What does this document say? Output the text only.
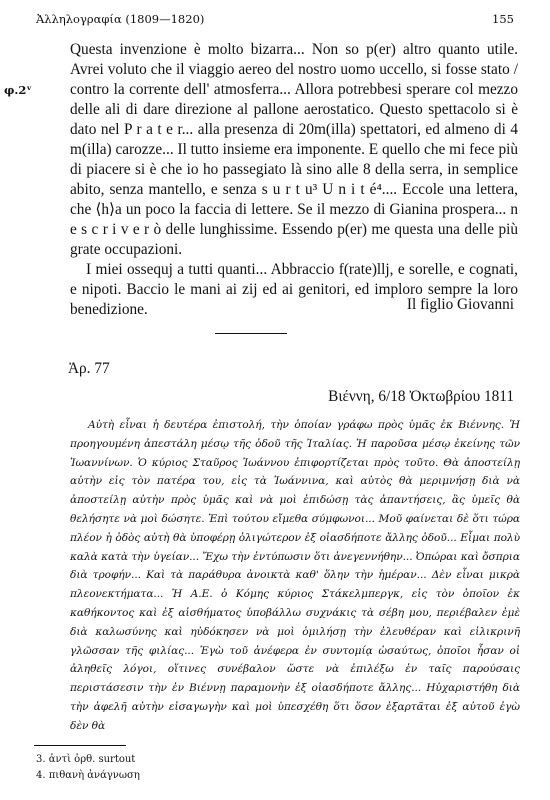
Ἀλληλογραφία (1809—1820)	155
φ.2ᵛ

Questa invenzione è molto bizarra... Non so p(er) altro quanto utile. Avrei voluto che il viaggio aereo del nostro uomo uccello, si fosse stato / contro la corrente dell' atmosferra... Allora potrebbesi sperare col mezzo delle ali di dare direzione al pallone aerostatico. Questo spettacolo si è dato nel P r a t e r... alla presenza di 20m(illa) spettatori, ed almeno di 4 m(illa) carozze... Il tutto insieme era imponente. E quello che mi fece più di piacere si è che io ho passegiato là sino alle 8 della serra, in semplice abito, senza mantello, e senza s u r t u³ U n i t é⁴.... Eccole una lettera, che ⟨h⟩a un poco la faccia di lettere. Se il mezzo di Gianina prospera... n e s c r i v e r ò delle lunghissime. Essendo p(er) me questa una delle più grate occupazioni.

I miei ossequj a tutti quanti... Abbraccio f(rate)llj, e sorelle, e cognati, e nipoti. Baccio le mani ai zij ed ai genitori, ed imploro sempre la loro benedizione.	Il figlio Giovanni
Ἀρ. 77
Βιέννη, 6/18 Ὀκτωβρίου 1811

Αὐτὴ εἶναι ἡ δευτέρα ἐπιστολή, τὴν ὁποίαν γράφω πρὸς ὑμᾶς ἐκ Βιέννης. Ἡ προηγουμένη ἀπεστάλη μέσῳ τῆς ὁδοῦ τῆς Ἰταλίας. Ἡ παροῦσα μέσῳ ἐκείνης τῶν Ἰωαννίνων. Ὁ κύριος Σταῦρος Ἰωάννου ἐπιφορτίζεται πρὸς τοῦτο. Θὰ ἀποστείλῃ αὐτὴν εἰς τὸν πατέρα του, εἰς τὰ Ἰωάννινα, καὶ αὐτὸς θὰ μεριμνήσῃ διὰ νὰ ἀποστείλῃ αὐτὴν πρὸς ὑμᾶς καὶ νὰ μοὶ ἐπιδώσῃ τὰς ἀπαντήσεις, ἃς ὑμεῖς θὰ θελήσητε νὰ μοὶ δώσητε. Ἐπὶ τούτου εἴμεθα σύμφωνοι... Μοῦ φαίνεται δὲ ὅτι τώρα πλέον ἡ ὁδὸς αὐτὴ θὰ ὑποφέρῃ ὀλιγώτερον ἐξ οἱασδήποτε ἄλλης ὁδοῦ... Εἶμαι πολὺ καλὰ κατὰ τὴν ὑγείαν... Ἔχω τὴν ἐντύπωσιν ὅτι ἀνεγεννήθην... Ὀπώραι καὶ ὄσπρια διὰ τροφήν... Καὶ τὰ παράθυρα ἀνοικτὰ καθ' ὅλην τὴν ἡμέραν... Δὲν εἶναι μικρὰ πλεονεκτήματα... Ἡ Α.Ε. ὁ Κόμης κύριος Στάκελμπεργκ, εἰς τὸν ὁποῖον ἐκ καθήκοντος καὶ ἐξ αἰσθήματος ὑποβάλλω συχνάκις τὰ σέβη μου, περιέβαλεν ἐμὲ διὰ καλωσύνης καὶ ηὐδόκησεν νὰ μοὶ ὁμιλήσῃ τὴν ἐλευθέραν καὶ εἰλικρινῆ γλῶσσαν τῆς φιλίας... Ἐγὼ τοῦ ἀνέφερα ἐν συντομίᾳ ὡσαύτως, ὁποῖοι ἦσαν οἱ ἀληθεῖς λόγοι, οἵτινες συνέβαλον ὥστε νὰ ἐπιλέξω ἐν ταῖς παρούσαις περιστάσεσιν τὴν ἐν Βιέννῃ παραμονὴν ἐξ οἱασδήποτε ἄλλης... Ηὐχαριστήθη διὰ τὴν ἀφελῆ αὐτὴν εἰσαγωγὴν καὶ μοὶ ὑπεσχέθη ὅτι ὅσον ἐξαρτᾶται ἐξ αὐτοῦ ἐγὼ δὲν θὰ

3. ἀντὶ ὀρθ. surtout
4. πιθανὴ ἀνάγνωση
